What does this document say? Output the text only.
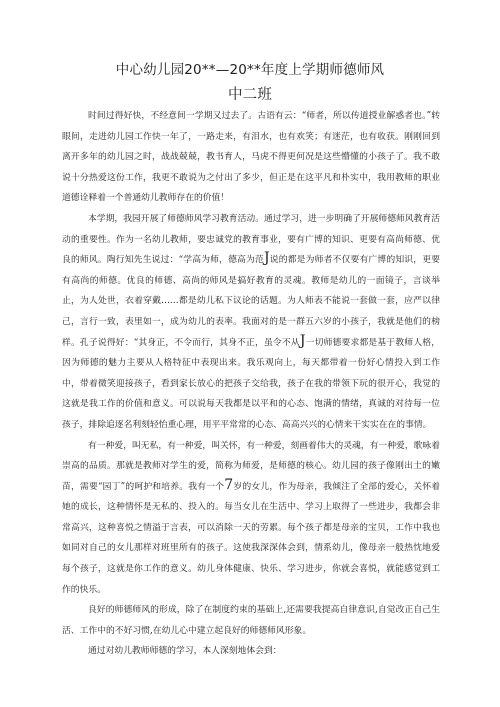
中心幼儿园20**—20**年度上学期师德师风
中二班

时间过得好快，不经意间一学期又过去了。古语有云：“师者，所以传道授业解惑者也。”转眼间，走进幼儿园工作快一年了，一路走来，有泪水，也有欢笑；有迷茫，也有收获。刚刚回到离开多年的幼儿园之时，战战兢兢，教书育人，马虎不得更何况是这些懵懂的小孩子了。我不敢说十分热爱这份工作，我更不敢说为之付出了多少，但正是在这平凡和朴实中，我用教师的职业道德诠释着一个普通幼儿教师存在的价值！

本学期，我园开展了师德师风学习教育活动。通过学习，进一步明确了开展师德师风教育活动的重要性。作为一名幼儿教师，要忠诚党的教育事业，要有广博的知识、更要有高尚师德、优良的师风。陶行知先生说过：“学高为师，德高为范J说的都是为师者不仅要有广博的知识，更要有高尚的师德。优良的师德、高尚的师风是搞好教育的灵魂。教师是幼儿的一面镜子，言谈举止，为人处世，衣着穿戴……都是幼儿私下议论的话题。为人师表不能说一套做一套，应严以律己，言行一致，表里如一，成为幼儿的表率。我面对的是一群五六岁的小孩子，我就是他们的榜样。孔子说得好：“其身正，不令而行，其身不正，虽令不从J一切师德要求都是基于教师人格，因为师德的魅力主要从人格特征中表现出来。我乐观向上，每天都带着一份好心情投入到工作中，带着微笑迎接孩子，看到家长放心的把孩子交给我，孩子在我的带领下玩的很开心，我觉的这就是我工作的价值和意义。可以说每天我都是以平和的心态、饱满的情绪，真诚的对待每一位孩子，排除追逐名利刻轻怡重心理，用平平常常的心态、高高兴兴的心情来干实实在在的事情。

有一种爱，叫无私，有一种爱，叫关怀，有一种爱，刻画着伟大的灵魂，有一种爱，歌咏着崇高的品质。那就是教师对学生的爱，简称为师爱，是师德的核心。幼儿园的孩子像刚出土的嫩苗，需要“园丁”的呵护和培养。我有一个7岁的女儿，作为母亲，我倾注了全部的爱心，关怀着她的成长，这种情怀是无私的、投入的。每当女儿在生活中、学习上取得了一些进步，我都会非常高兴，这种喜悦之情溢于言表，可以消除一天的劳累。每个孩子都是母亲的宝贝，工作中我也如同对自己的女儿那样对班里所有的孩子。这使我深深体会到，情系幼儿，像母亲一般热忱地爱每个孩子，这就是你工作的意义。幼儿身体健康、快乐、学习进步，你就会喜悦，就能感觉到工作的快乐。

良好的师德师风的形成，除了在制度约束的基础上,还需要我提高自律意识,自觉改正自己生活、工作中的不好习惯,在幼儿心中建立起良好的师德师风形象。

通过对幼儿教师师德的学习，本人深刻地体会到：
